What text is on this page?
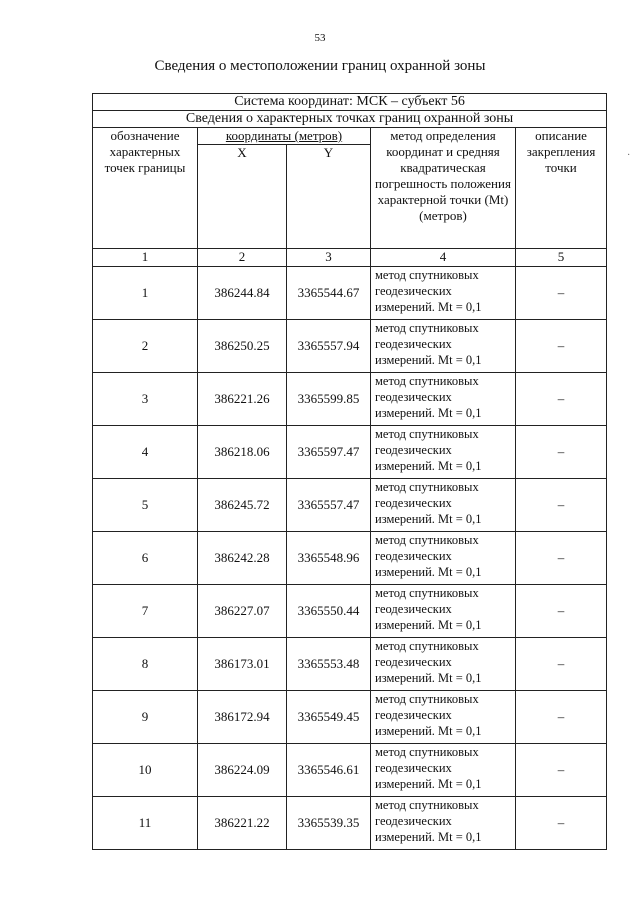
53
Сведения о местоположении границ охранной зоны
·
Система координат: МСК – субъект 56				
Сведения о характерных точках границ охранной зоны				
обозначение характерных точек границы	координаты (метров)		метод определения координат и средняя квадратическая погрешность положения характерной точки (Mt) (метров)	описание закрепления точки
	X	Y		
1	2	3	4	5
1	386244.84	3365544.67	метод спутниковых геодезических измерений. Mt = 0,1	–
2	386250.25	3365557.94	метод спутниковых геодезических измерений. Mt = 0,1	–
3	386221.26	3365599.85	метод спутниковых геодезических измерений. Mt = 0,1	–
4	386218.06	3365597.47	метод спутниковых геодезических измерений. Mt = 0,1	–
5	386245.72	3365557.47	метод спутниковых геодезических измерений. Mt = 0,1	–
6	386242.28	3365548.96	метод спутниковых геодезических измерений. Mt = 0,1	–
7	386227.07	3365550.44	метод спутниковых геодезических измерений. Mt = 0,1	–
8	386173.01	3365553.48	метод спутниковых геодезических измерений. Mt = 0,1	–
9	386172.94	3365549.45	метод спутниковых геодезических измерений. Mt = 0,1	–
10	386224.09	3365546.61	метод спутниковых геодезических измерений. Mt = 0,1	–
11	386221.22	3365539.35	метод спутниковых геодезических измерений. Mt = 0,1	–
